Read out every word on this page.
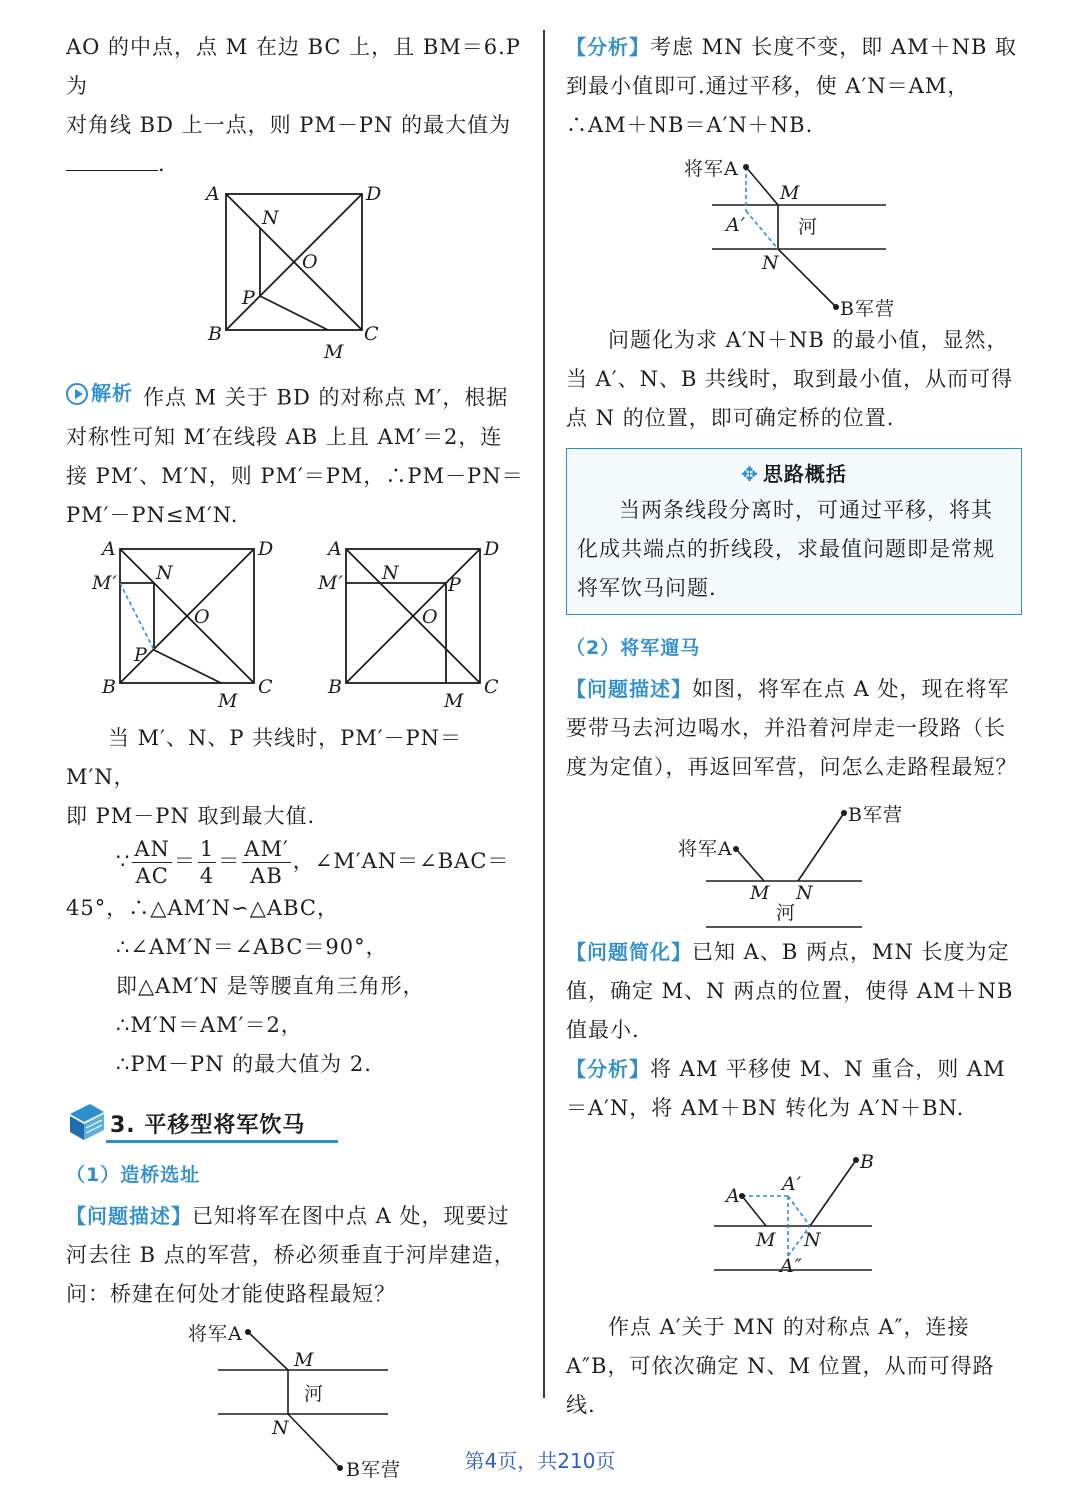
AO 的中点，点 M 在边 BC 上，且 BM＝6.P 为

对角线 BD 上一点，则 PM－PN 的最大值为

.

A	D
N
O
P
B	C
M

解析 作点 M 关于 BD 的对称点 M′，根据对称性可知 M′在线段 AB 上且 AM′＝2，连接 PM′、M′N，则 PM′＝PM，∴PM－PN＝PM′－PN≤M′N.

A	D
M′ N
O
P
B	C
M
A	D
M′ N
P
O
B	C
M

当 M′、N、P 共线时，PM′－PN＝M′N，

即 PM－PN 取到最大值.

∵ $\frac{AN}{AC} = \frac{1}{4} = \frac{AM'}{AB}$ ，∠M′AN＝∠BAC＝

45°，∴△AM′N∽△ABC，

∴∠AM′N＝∠ABC＝90°，

即△AM′N 是等腰直角三角形，

∴M′N＝AM′＝2，

∴PM－PN 的最大值为 2.

3. 平移型将军饮马

（1）造桥选址

【问题描述】已知将军在图中点 A 处，现要过河去往 B 点的军营，桥必须垂直于河岸建造，问：桥建在何处才能使路程最短？

将军A
M
河
N
B军营

【分析】考虑 MN 长度不变，即 AM＋NB 取到最小值即可.通过平移，使 A′N＝AM，∴AM＋NB＝A′N＋NB.

将军A
M
A′	河
N
B军营

问题化为求 A′N＋NB 的最小值，显然，当 A′、N、B 共线时，取到最小值，从而可得点 N 的位置，即可确定桥的位置.

✥ 思路概括

当两条线段分离时，可通过平移，将其化成共端点的折线段，求最值问题即是常规将军饮马问题.

（2）将军遛马

【问题描述】如图，将军在点 A 处，现在将军要带马去河边喝水，并沿着河岸走一段路（长度为定值），再返回军营，问怎么走路程最短？

B军营
将军A
M N
河

【问题简化】已知 A、B 两点，MN 长度为定值，确定 M、N 两点的位置，使得 AM＋NB 值最小.

【分析】将 AM 平移使 M、N 重合，则 AM＝A′N，将 AM＋BN 转化为 A′N＋BN.

B
A
A′
M N
A″

作点 A′关于 MN 的对称点 A″，连接A″B，可依次确定 N、M 位置，从而可得路线.

第4页，共210页
